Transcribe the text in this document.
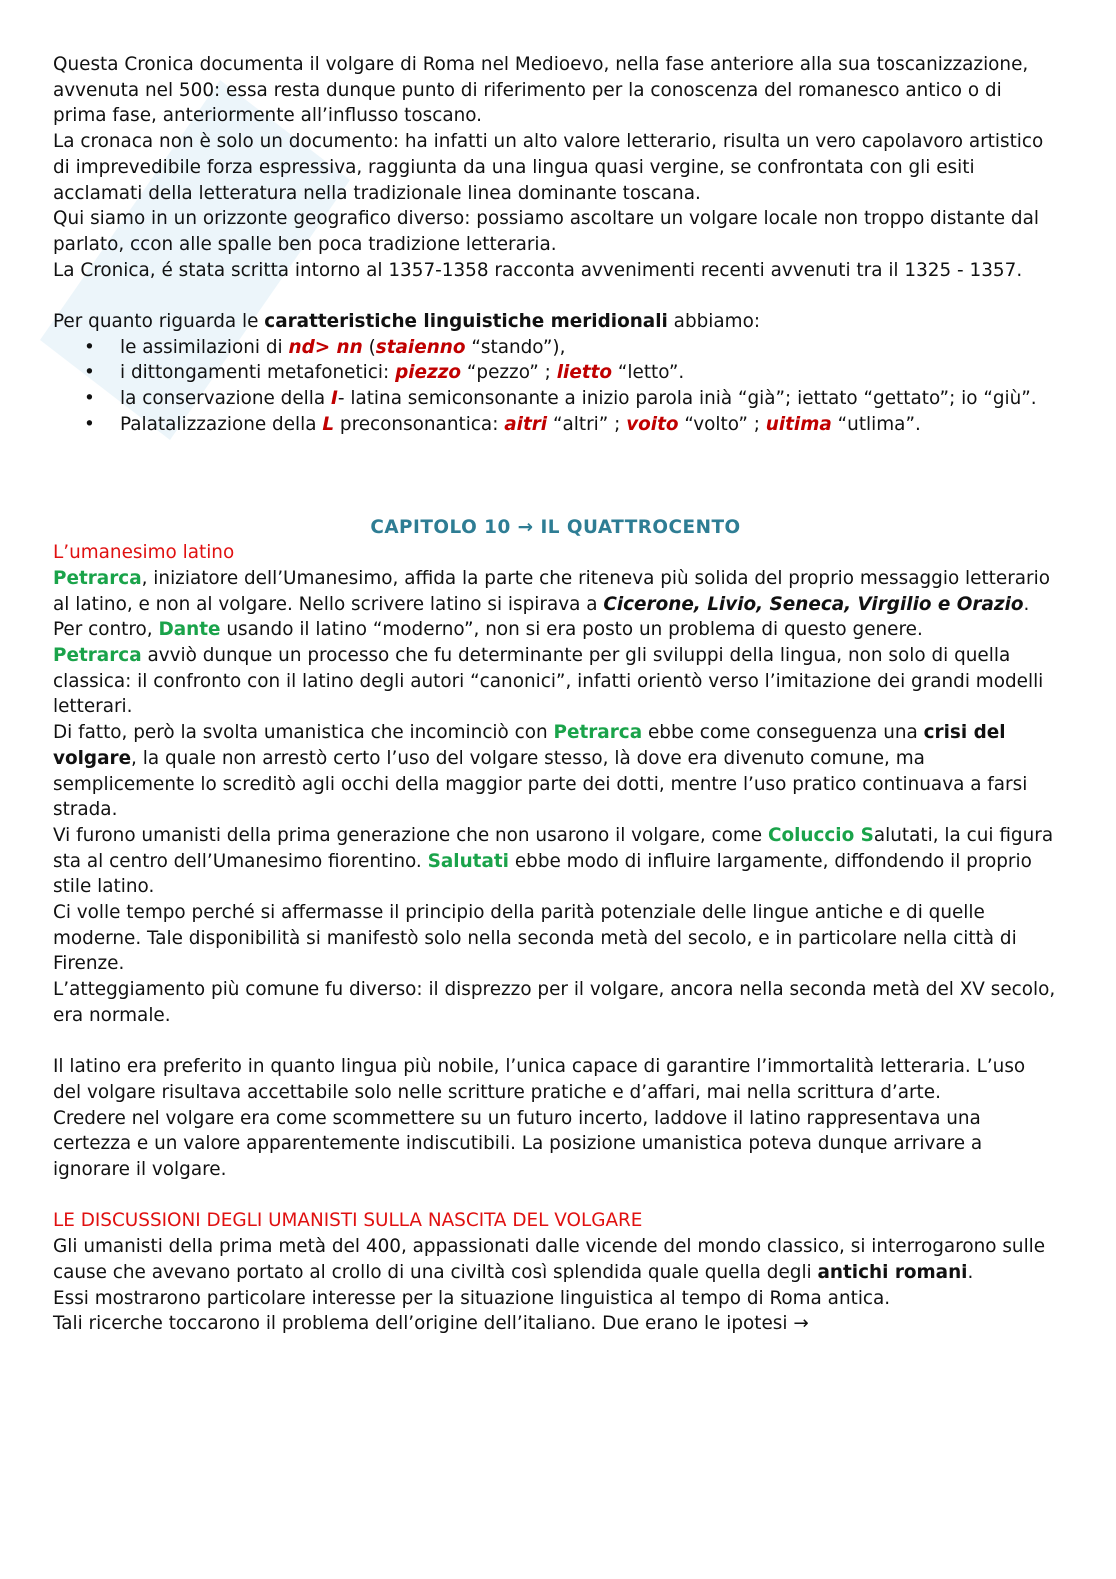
Questa Cronica documenta il volgare di Roma nel Medioevo, nella fase anteriore alla sua toscanizzazione, avvenuta nel 500: essa resta dunque punto di riferimento per la conoscenza del romanesco antico o di prima fase, anteriormente all’influsso toscano.

La cronaca non è solo un documento: ha infatti un alto valore letterario, risulta un vero capolavoro artistico di imprevedibile forza espressiva, raggiunta da una lingua quasi vergine, se confrontata con gli esiti acclamati della letteratura nella tradizionale linea dominante toscana.

Qui siamo in un orizzonte geografico diverso: possiamo ascoltare un volgare locale non troppo distante dal parlato, ccon alle spalle ben poca tradizione letteraria.

La Cronica, é stata scritta intorno al 1357-1358 racconta avvenimenti recenti avvenuti tra il 1325 - 1357.

Per quanto riguarda le caratteristiche linguistiche meridionali abbiamo:

• le assimilazioni di nd> nn (staienno “stando”),
• i dittongamenti metafonetici: piezzo “pezzo” ; lietto “letto”.
• la conservazione della I- latina semiconsonante a inizio parola inià “già”; iettato “gettato”; io “giù”.
• Palatalizzazione della L preconsonantica: aitri “altri” ; voito “volto” ; uitima “utlima”.

CAPITOLO 10 → IL QUATTROCENTO

L’umanesimo latino

Petrarca, iniziatore dell’Umanesimo, affida la parte che riteneva più solida del proprio messaggio letterario al latino, e non al volgare. Nello scrivere latino si ispirava a Cicerone, Livio, Seneca, Virgilio e Orazio.

Per contro, Dante usando il latino “moderno”, non si era posto un problema di questo genere.

Petrarca avviò dunque un processo che fu determinante per gli sviluppi della lingua, non solo di quella classica: il confronto con il latino degli autori “canonici”, infatti orientò verso l’imitazione dei grandi modelli letterari.

Di fatto, però la svolta umanistica che incominciò con Petrarca ebbe come conseguenza una crisi del volgare, la quale non arrestò certo l’uso del volgare stesso, là dove era divenuto comune, ma semplicemente lo screditò agli occhi della maggior parte dei dotti, mentre l’uso pratico continuava a farsi strada.

Vi furono umanisti della prima generazione che non usarono il volgare, come Coluccio Salutati, la cui figura sta al centro dell’Umanesimo fiorentino. Salutati ebbe modo di influire largamente, diffondendo il proprio stile latino.

Ci volle tempo perché si affermasse il principio della parità potenziale delle lingue antiche e di quelle moderne. Tale disponibilità si manifestò solo nella seconda metà del secolo, e in particolare nella città di Firenze.

L’atteggiamento più comune fu diverso: il disprezzo per il volgare, ancora nella seconda metà del XV secolo, era normale.

Il latino era preferito in quanto lingua più nobile, l’unica capace di garantire l’immortalità letteraria. L’uso del volgare risultava accettabile solo nelle scritture pratiche e d’affari, mai nella scrittura d’arte.

Credere nel volgare era come scommettere su un futuro incerto, laddove il latino rappresentava una certezza e un valore apparentemente indiscutibili. La posizione umanistica poteva dunque arrivare a ignorare il volgare.

LE DISCUSSIONI DEGLI UMANISTI SULLA NASCITA DEL VOLGARE

Gli umanisti della prima metà del 400, appassionati dalle vicende del mondo classico, si interrogarono sulle cause che avevano portato al crollo di una civiltà così splendida quale quella degli antichi romani.

Essi mostrarono particolare interesse per la situazione linguistica al tempo di Roma antica.

Tali ricerche toccarono il problema dell’origine dell’italiano. Due erano le ipotesi →
